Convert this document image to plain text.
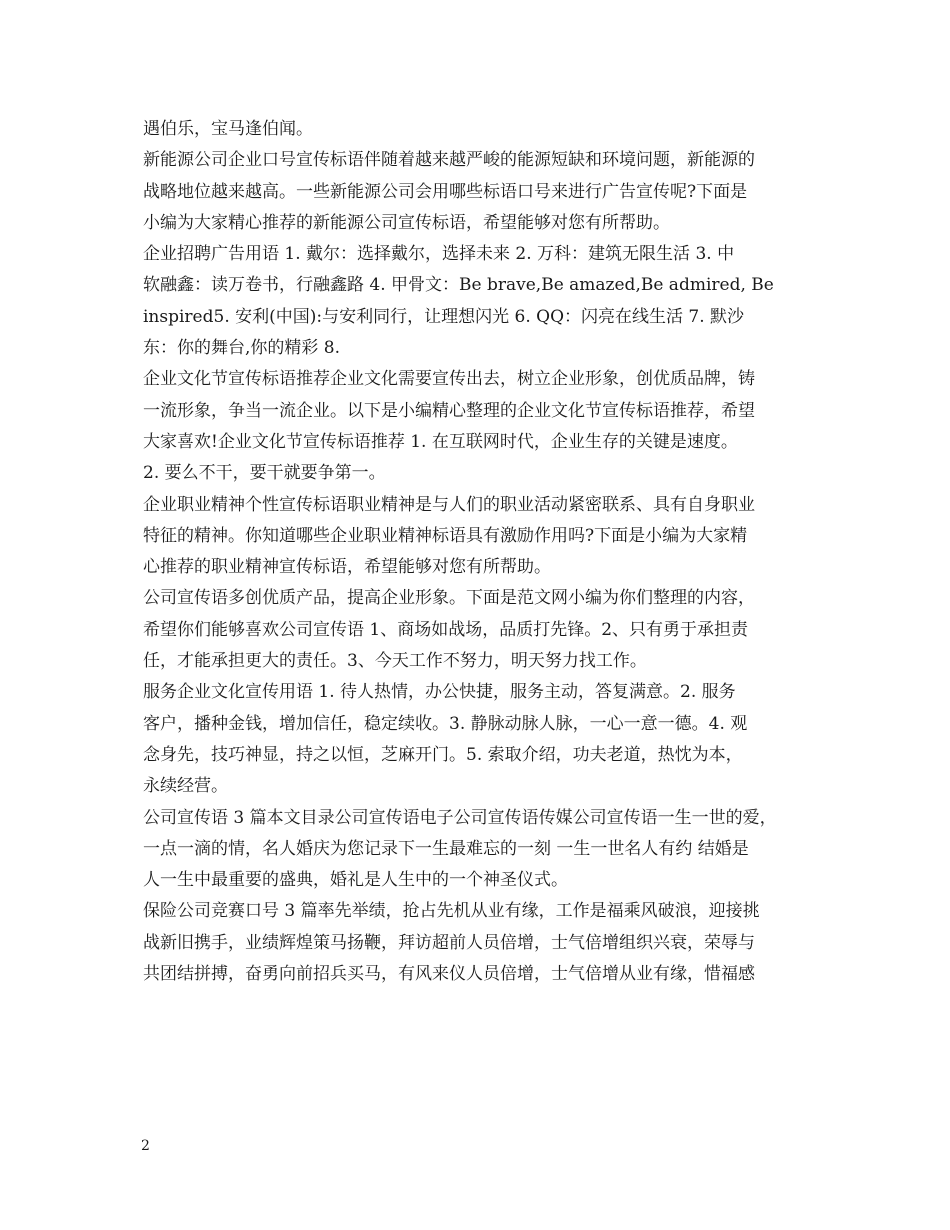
遇伯乐，宝马逢伯闻。
新能源公司企业口号宣传标语伴随着越来越严峻的能源短缺和环境问题，新能源的
战略地位越来越高。一些新能源公司会用哪些标语口号来进行广告宣传呢?下面是
小编为大家精心推荐的新能源公司宣传标语，希望能够对您有所帮助。
企业招聘广告用语 1. 戴尔：选择戴尔，选择未来 2. 万科：建筑无限生活 3. 中
软融鑫：读万卷书，行融鑫路 4. 甲骨文：Be brave,Be amazed,Be admired, Be
inspired5. 安利(中国):与安利同行，让理想闪光 6. QQ：闪亮在线生活 7. 默沙
东：你的舞台,你的精彩 8.
企业文化节宣传标语推荐企业文化需要宣传出去，树立企业形象，创优质品牌，铸
一流形象，争当一流企业。以下是小编精心整理的企业文化节宣传标语推荐，希望
大家喜欢!企业文化节宣传标语推荐 1. 在互联网时代，企业生存的关键是速度。
2. 要么不干，要干就要争第一。
企业职业精神个性宣传标语职业精神是与人们的职业活动紧密联系、具有自身职业
特征的精神。你知道哪些企业职业精神标语具有激励作用吗?下面是小编为大家精
心推荐的职业精神宣传标语，希望能够对您有所帮助。
公司宣传语多创优质产品，提高企业形象。下面是范文网小编为你们整理的内容，
希望你们能够喜欢公司宣传语 1、商场如战场，品质打先锋。2、只有勇于承担责
任，才能承担更大的责任。3、今天工作不努力，明天努力找工作。
服务企业文化宣传用语 1. 待人热情，办公快捷，服务主动，答复满意。2. 服务
客户，播种金钱，增加信任，稳定续收。3. 静脉动脉人脉，一心一意一德。4. 观
念身先，技巧神显，持之以恒，芝麻开门。5. 索取介绍，功夫老道，热忱为本，
永续经营。
公司宣传语 3 篇本文目录公司宣传语电子公司宣传语传媒公司宣传语一生一世的爱，
一点一滴的情，名人婚庆为您记录下一生最难忘的一刻 一生一世名人有约 结婚是
人一生中最重要的盛典，婚礼是人生中的一个神圣仪式。
保险公司竞赛口号 3 篇率先举绩，抢占先机从业有缘，工作是福乘风破浪，迎接挑
战新旧携手，业绩辉煌策马扬鞭，拜访超前人员倍增，士气倍增组织兴衰，荣辱与
共团结拼搏，奋勇向前招兵买马，有风来仪人员倍增，士气倍增从业有缘，惜福感
2
